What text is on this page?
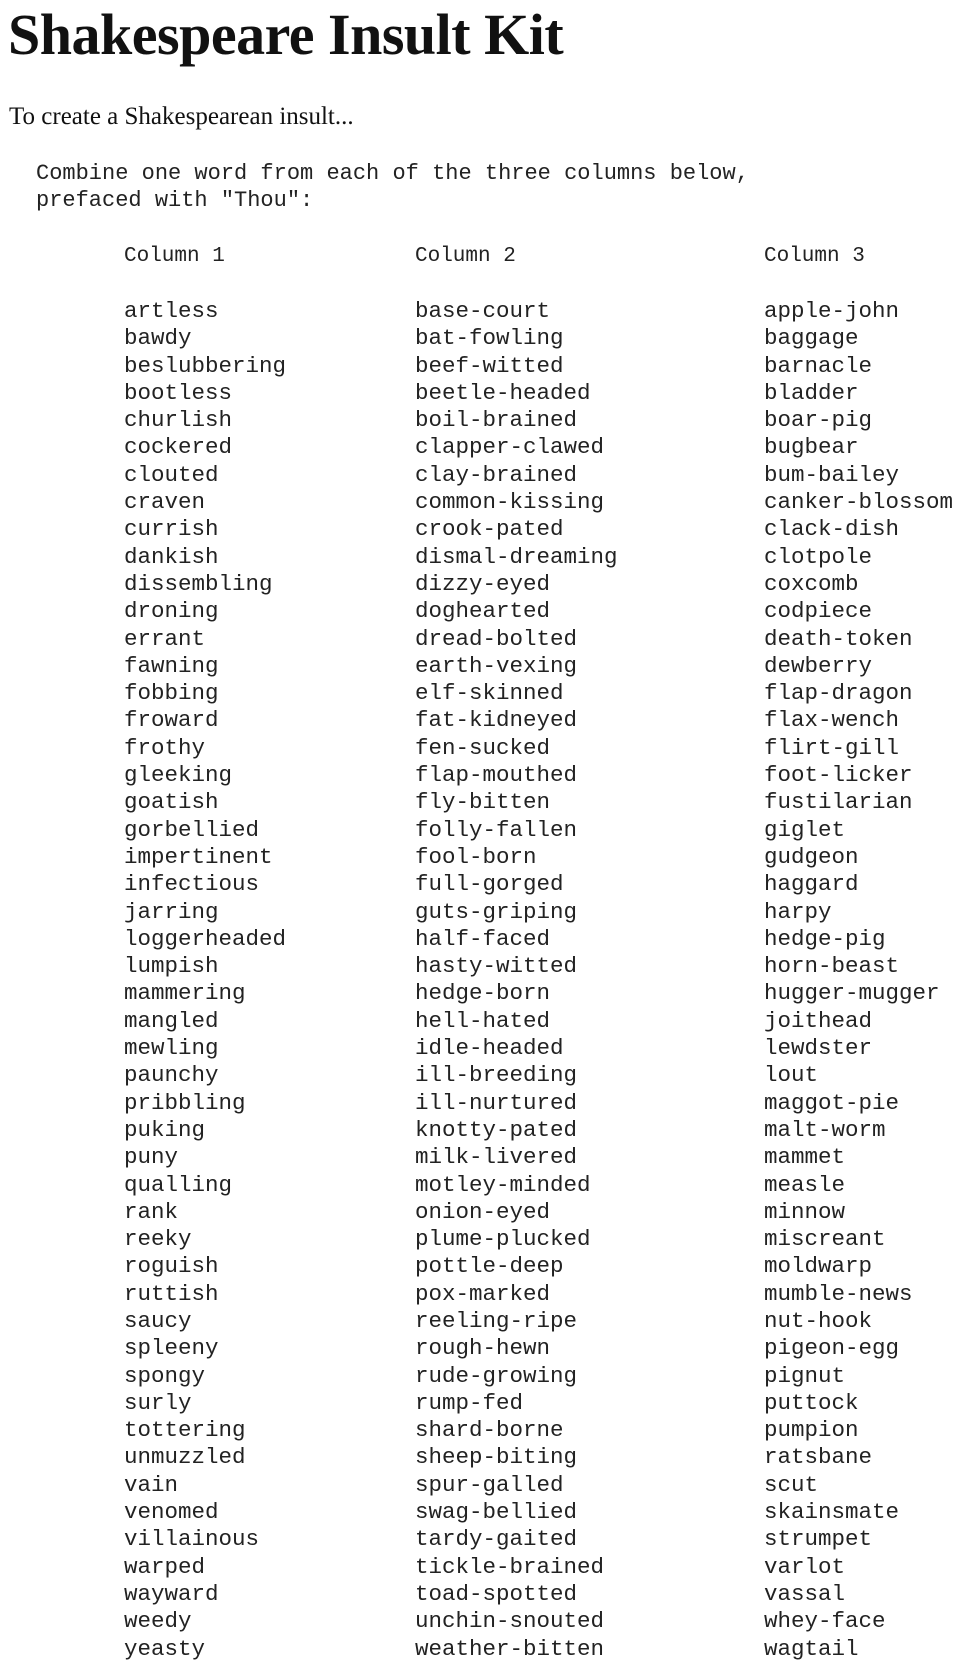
Shakespeare Insult Kit

To create a Shakespearean insult...

Combine one word from each of the three columns below,
prefaced with "Thou":
Column 1
artless
bawdy
beslubbering
bootless
churlish
cockered
clouted
craven
currish
dankish
dissembling
droning
errant
fawning
fobbing
froward
frothy
gleeking
goatish
gorbellied
impertinent
infectious
jarring
loggerheaded
lumpish
mammering
mangled
mewling
paunchy
pribbling
puking
puny
qualling
rank
reeky
roguish
ruttish
saucy
spleeny
spongy
surly
tottering
unmuzzled
vain
venomed
villainous
warped
wayward
weedy
yeasty
Column 2
base-court
bat-fowling
beef-witted
beetle-headed
boil-brained
clapper-clawed
clay-brained
common-kissing
crook-pated
dismal-dreaming
dizzy-eyed
doghearted
dread-bolted
earth-vexing
elf-skinned
fat-kidneyed
fen-sucked
flap-mouthed
fly-bitten
folly-fallen
fool-born
full-gorged
guts-griping
half-faced
hasty-witted
hedge-born
hell-hated
idle-headed
ill-breeding
ill-nurtured
knotty-pated
milk-livered
motley-minded
onion-eyed
plume-plucked
pottle-deep
pox-marked
reeling-ripe
rough-hewn
rude-growing
rump-fed
shard-borne
sheep-biting
spur-galled
swag-bellied
tardy-gaited
tickle-brained
toad-spotted
unchin-snouted
weather-bitten
Column 3
apple-john
baggage
barnacle
bladder
boar-pig
bugbear
bum-bailey
canker-blossom
clack-dish
clotpole
coxcomb
codpiece
death-token
dewberry
flap-dragon
flax-wench
flirt-gill
foot-licker
fustilarian
giglet
gudgeon
haggard
harpy
hedge-pig
horn-beast
hugger-mugger
joithead
lewdster
lout
maggot-pie
malt-worm
mammet
measle
minnow
miscreant
moldwarp
mumble-news
nut-hook
pigeon-egg
pignut
puttock
pumpion
ratsbane
scut
skainsmate
strumpet
varlot
vassal
whey-face
wagtail
